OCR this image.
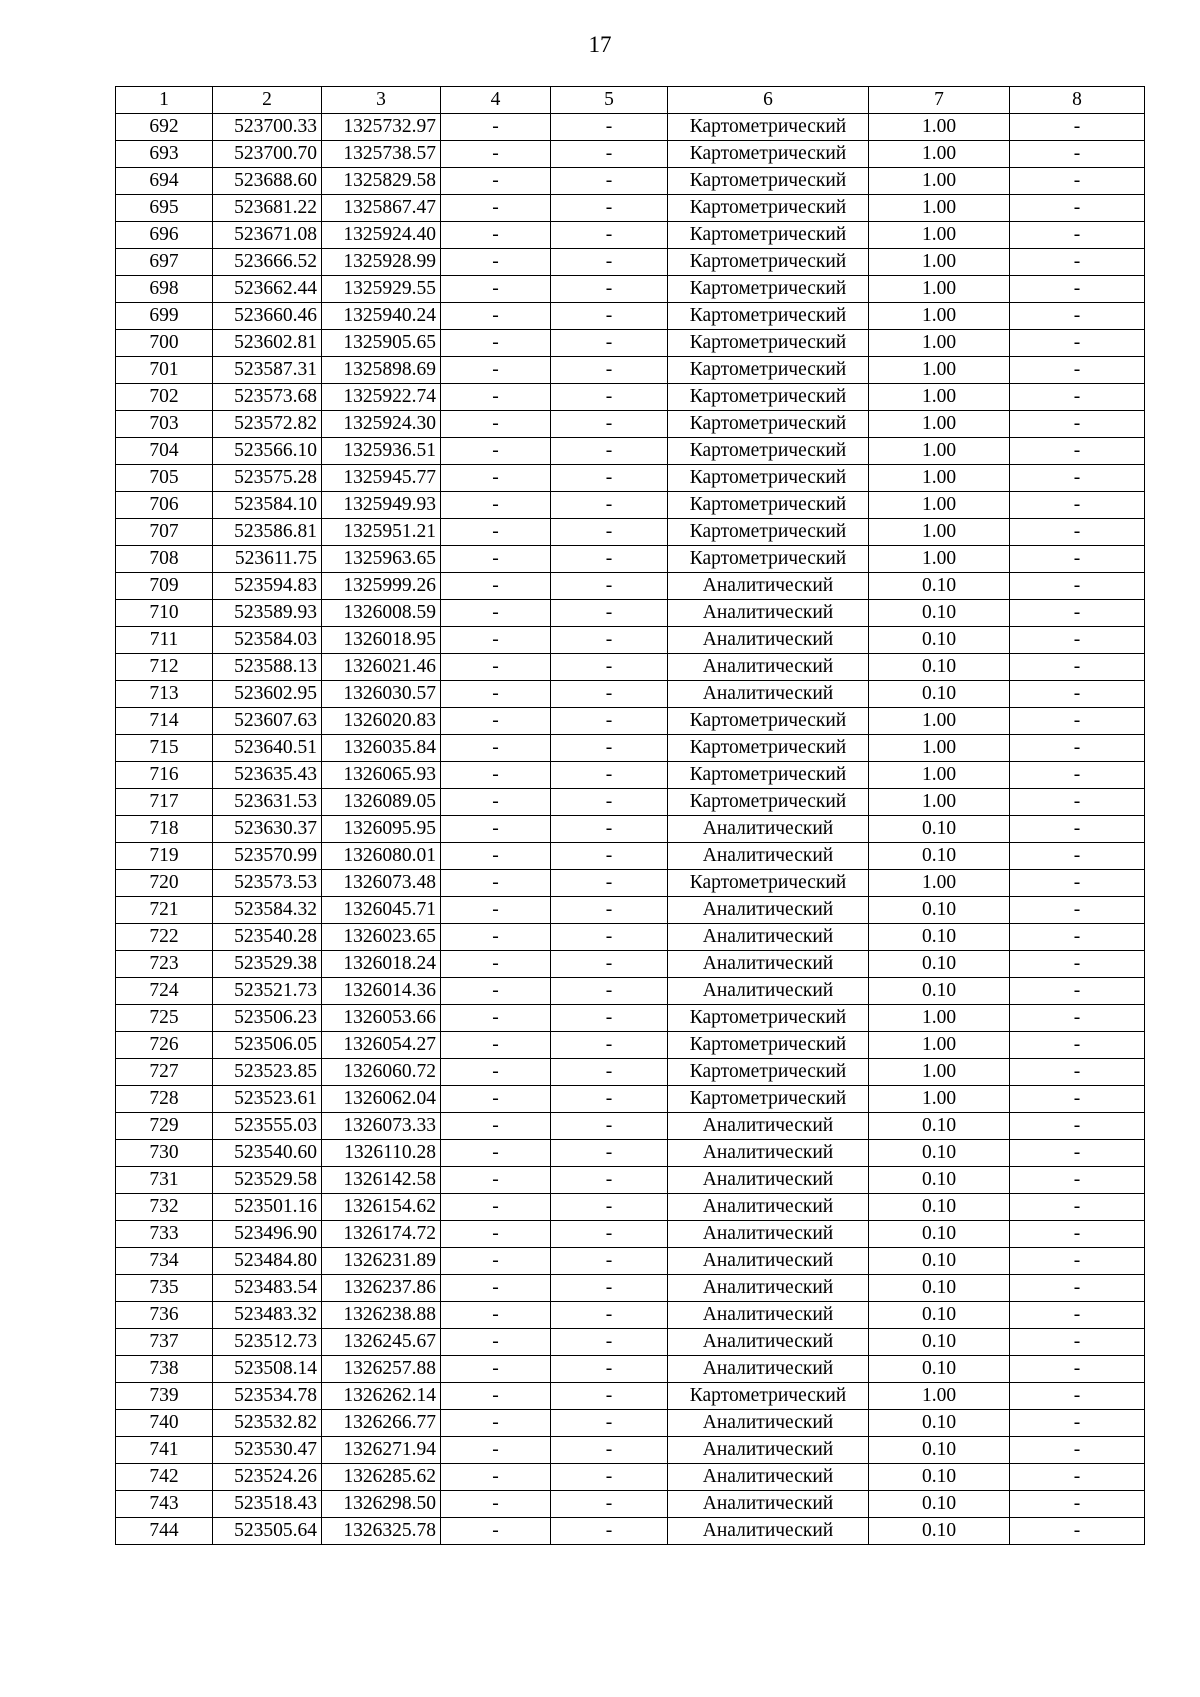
17
1	2	3	4	5	6	7	8
692	523700.33	1325732.97	-	-	Картометрический	1.00	-
693	523700.70	1325738.57	-	-	Картометрический	1.00	-
694	523688.60	1325829.58	-	-	Картометрический	1.00	-
695	523681.22	1325867.47	-	-	Картометрический	1.00	-
696	523671.08	1325924.40	-	-	Картометрический	1.00	-
697	523666.52	1325928.99	-	-	Картометрический	1.00	-
698	523662.44	1325929.55	-	-	Картометрический	1.00	-
699	523660.46	1325940.24	-	-	Картометрический	1.00	-
700	523602.81	1325905.65	-	-	Картометрический	1.00	-
701	523587.31	1325898.69	-	-	Картометрический	1.00	-
702	523573.68	1325922.74	-	-	Картометрический	1.00	-
703	523572.82	1325924.30	-	-	Картометрический	1.00	-
704	523566.10	1325936.51	-	-	Картометрический	1.00	-
705	523575.28	1325945.77	-	-	Картометрический	1.00	-
706	523584.10	1325949.93	-	-	Картометрический	1.00	-
707	523586.81	1325951.21	-	-	Картометрический	1.00	-
708	523611.75	1325963.65	-	-	Картометрический	1.00	-
709	523594.83	1325999.26	-	-	Аналитический	0.10	-
710	523589.93	1326008.59	-	-	Аналитический	0.10	-
711	523584.03	1326018.95	-	-	Аналитический	0.10	-
712	523588.13	1326021.46	-	-	Аналитический	0.10	-
713	523602.95	1326030.57	-	-	Аналитический	0.10	-
714	523607.63	1326020.83	-	-	Картометрический	1.00	-
715	523640.51	1326035.84	-	-	Картометрический	1.00	-
716	523635.43	1326065.93	-	-	Картометрический	1.00	-
717	523631.53	1326089.05	-	-	Картометрический	1.00	-
718	523630.37	1326095.95	-	-	Аналитический	0.10	-
719	523570.99	1326080.01	-	-	Аналитический	0.10	-
720	523573.53	1326073.48	-	-	Картометрический	1.00	-
721	523584.32	1326045.71	-	-	Аналитический	0.10	-
722	523540.28	1326023.65	-	-	Аналитический	0.10	-
723	523529.38	1326018.24	-	-	Аналитический	0.10	-
724	523521.73	1326014.36	-	-	Аналитический	0.10	-
725	523506.23	1326053.66	-	-	Картометрический	1.00	-
726	523506.05	1326054.27	-	-	Картометрический	1.00	-
727	523523.85	1326060.72	-	-	Картометрический	1.00	-
728	523523.61	1326062.04	-	-	Картометрический	1.00	-
729	523555.03	1326073.33	-	-	Аналитический	0.10	-
730	523540.60	1326110.28	-	-	Аналитический	0.10	-
731	523529.58	1326142.58	-	-	Аналитический	0.10	-
732	523501.16	1326154.62	-	-	Аналитический	0.10	-
733	523496.90	1326174.72	-	-	Аналитический	0.10	-
734	523484.80	1326231.89	-	-	Аналитический	0.10	-
735	523483.54	1326237.86	-	-	Аналитический	0.10	-
736	523483.32	1326238.88	-	-	Аналитический	0.10	-
737	523512.73	1326245.67	-	-	Аналитический	0.10	-
738	523508.14	1326257.88	-	-	Аналитический	0.10	-
739	523534.78	1326262.14	-	-	Картометрический	1.00	-
740	523532.82	1326266.77	-	-	Аналитический	0.10	-
741	523530.47	1326271.94	-	-	Аналитический	0.10	-
742	523524.26	1326285.62	-	-	Аналитический	0.10	-
743	523518.43	1326298.50	-	-	Аналитический	0.10	-
744	523505.64	1326325.78	-	-	Аналитический	0.10	-
